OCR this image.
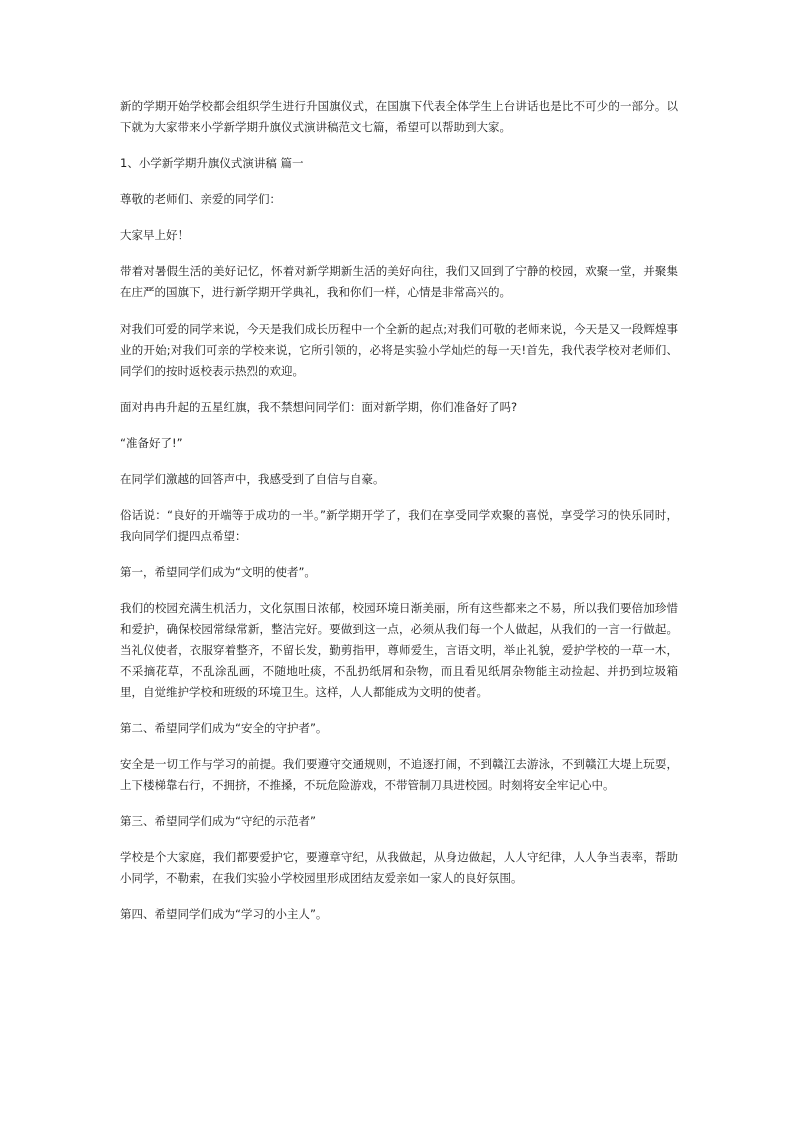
新的学期开始学校都会组织学生进行升国旗仪式，在国旗下代表全体学生上台讲话也是比不可少的一部分。以下就为大家带来小学新学期升旗仪式演讲稿范文七篇，希望可以帮助到大家。

1、小学新学期升旗仪式演讲稿 篇一

尊敬的老师们、亲爱的同学们：

大家早上好！

带着对暑假生活的美好记忆，怀着对新学期新生活的美好向往，我们又回到了宁静的校园，欢聚一堂，并聚集在庄严的国旗下，进行新学期开学典礼，我和你们一样，心情是非常高兴的。

对我们可爱的同学来说，今天是我们成长历程中一个全新的起点;对我们可敬的老师来说，今天是又一段辉煌事业的开始;对我们可亲的学校来说，它所引领的，必将是实验小学灿烂的每一天!首先，我代表学校对老师们、同学们的按时返校表示热烈的欢迎。

面对冉冉升起的五星红旗，我不禁想问同学们：面对新学期，你们准备好了吗?

“准备好了!”

在同学们激越的回答声中，我感受到了自信与自豪。

俗话说：“良好的开端等于成功的一半。”新学期开学了，我们在享受同学欢聚的喜悦，享受学习的快乐同时，我向同学们提四点希望：

第一，希望同学们成为“文明的使者”。

我们的校园充满生机活力，文化氛围日浓郁，校园环境日渐美丽，所有这些都来之不易，所以我们要倍加珍惜和爱护，确保校园常绿常新，整洁完好。要做到这一点，必须从我们每一个人做起，从我们的一言一行做起。当礼仪使者，衣服穿着整齐，不留长发，勤剪指甲，尊师爱生，言语文明，举止礼貌，爱护学校的一草一木，不采摘花草，不乱涂乱画，不随地吐痰，不乱扔纸屑和杂物，而且看见纸屑杂物能主动捡起、并扔到垃圾箱里，自觉维护学校和班级的环境卫生。这样，人人都能成为文明的使者。

第二、希望同学们成为“安全的守护者”。

安全是一切工作与学习的前提。我们要遵守交通规则，不追逐打闹，不到赣江去游泳，不到赣江大堤上玩耍，上下楼梯靠右行，不拥挤，不推搡，不玩危险游戏，不带管制刀具进校园。时刻将安全牢记心中。

第三、希望同学们成为“守纪的示范者”

学校是个大家庭，我们都要爱护它，要遵章守纪，从我做起，从身边做起，人人守纪律，人人争当表率，帮助小同学，不勒索，在我们实验小学校园里形成团结友爱亲如一家人的良好氛围。

第四、希望同学们成为“学习的小主人”。
